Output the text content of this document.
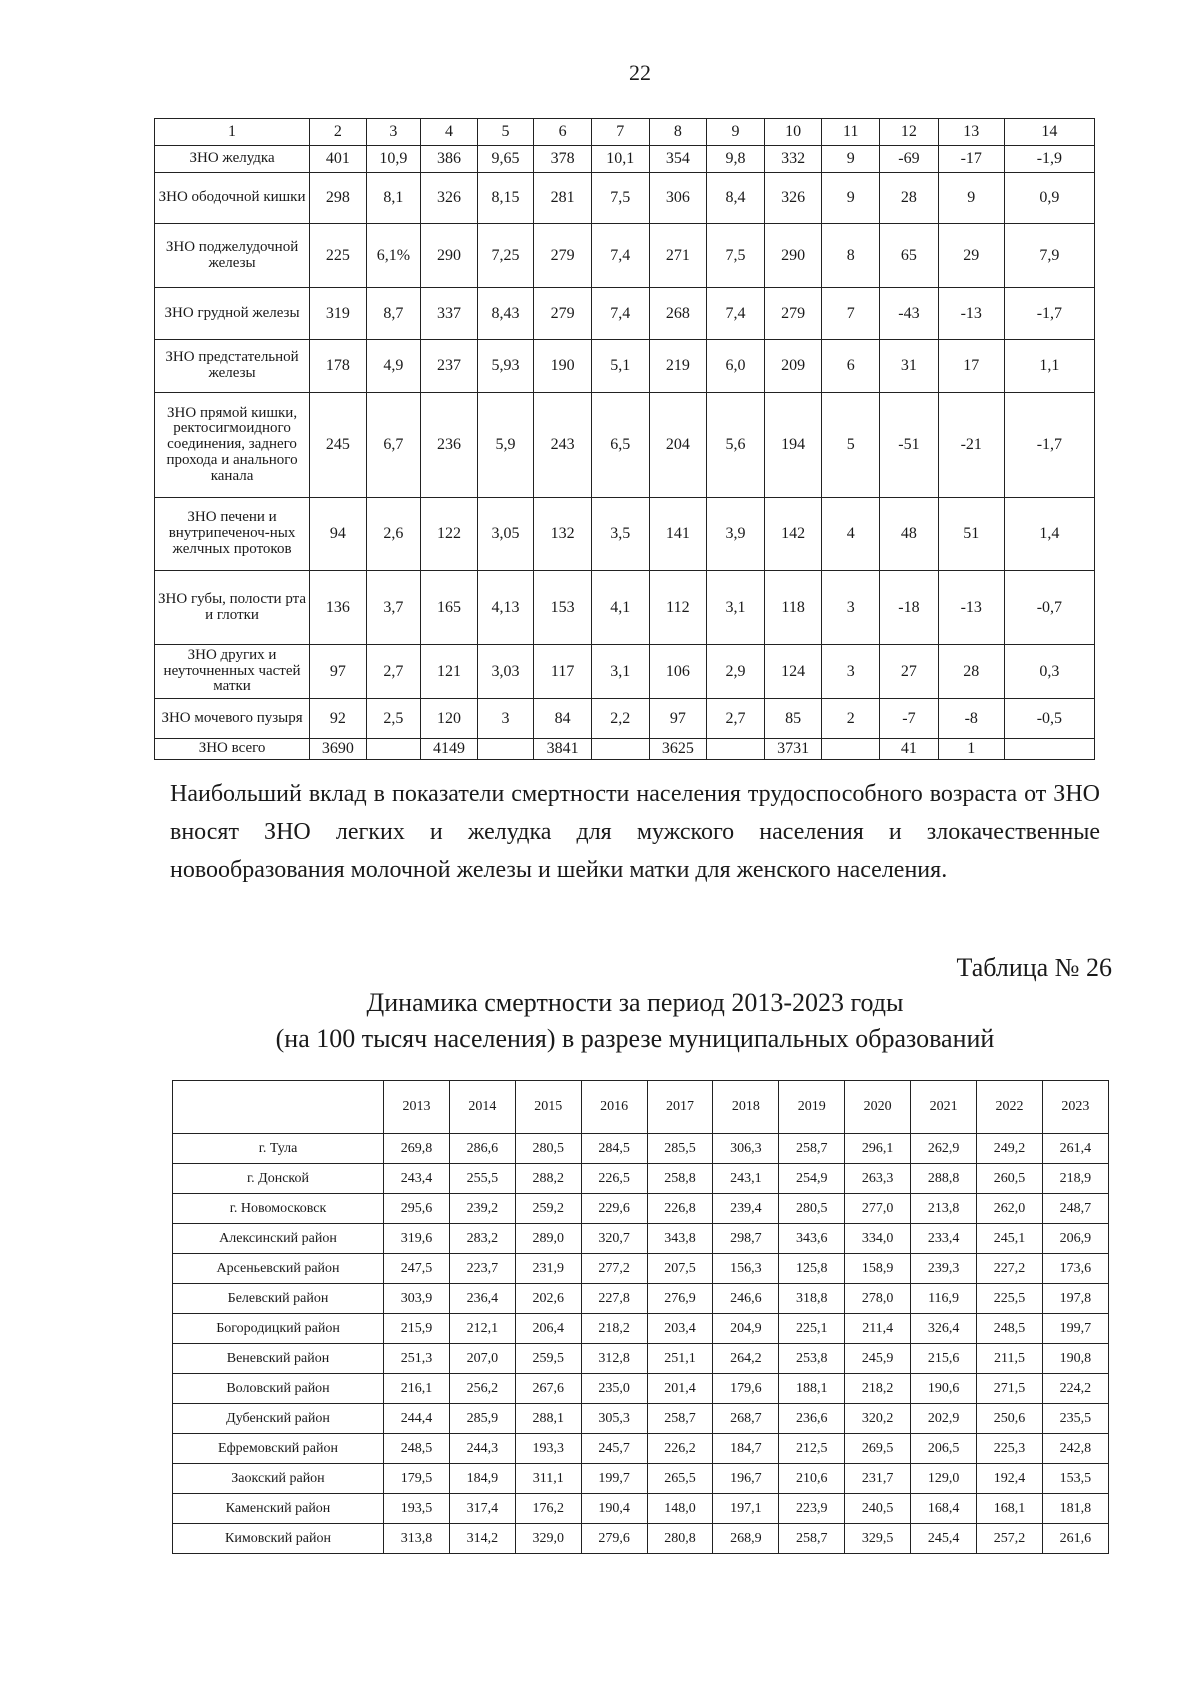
22
1	2	3	4	5	6	7	8	9	10	11	12	13	14
ЗНО желудка	401	10,9	386	9,65	378	10,1	354	9,8	332	9	-69	-17	-1,9
ЗНО ободочной кишки	298	8,1	326	8,15	281	7,5	306	8,4	326	9	28	9	0,9
ЗНО поджелудочной железы	225	6,1%	290	7,25	279	7,4	271	7,5	290	8	65	29	7,9
ЗНО грудной железы	319	8,7	337	8,43	279	7,4	268	7,4	279	7	-43	-13	-1,7
ЗНО предстательной железы	178	4,9	237	5,93	190	5,1	219	6,0	209	6	31	17	1,1
ЗНО прямой кишки, ректосигмоидного соединения, заднего прохода и анального канала	245	6,7	236	5,9	243	6,5	204	5,6	194	5	-51	-21	-1,7
ЗНО печени и внутрипеченоч-ных желчных протоков	94	2,6	122	3,05	132	3,5	141	3,9	142	4	48	51	1,4
ЗНО губы, полости рта и глотки	136	3,7	165	4,13	153	4,1	112	3,1	118	3	-18	-13	-0,7
ЗНО других и неуточненных частей матки	97	2,7	121	3,03	117	3,1	106	2,9	124	3	27	28	0,3
ЗНО мочевого пузыря	92	2,5	120	3	84	2,2	97	2,7	85	2	-7	-8	-0,5
ЗНО всего	3690		4149		3841		3625		3731		41	1	

Наибольший вклад в показатели смертности населения трудоспособного возраста от ЗНО вносят ЗНО легких и желудка для мужского населения и злокачественные новообразования молочной железы и шейки матки для женского населения.

Таблица № 26
Динамика смертности за период 2013-2023 годы
(на 100 тысяч населения) в разрезе муниципальных образований
	2013	2014	2015	2016	2017	2018	2019	2020	2021	2022	2023
г. Тула	269,8	286,6	280,5	284,5	285,5	306,3	258,7	296,1	262,9	249,2	261,4
г. Донской	243,4	255,5	288,2	226,5	258,8	243,1	254,9	263,3	288,8	260,5	218,9
г. Новомосковск	295,6	239,2	259,2	229,6	226,8	239,4	280,5	277,0	213,8	262,0	248,7
Алексинский район	319,6	283,2	289,0	320,7	343,8	298,7	343,6	334,0	233,4	245,1	206,9
Арсеньевский район	247,5	223,7	231,9	277,2	207,5	156,3	125,8	158,9	239,3	227,2	173,6
Белевский район	303,9	236,4	202,6	227,8	276,9	246,6	318,8	278,0	116,9	225,5	197,8
Богородицкий район	215,9	212,1	206,4	218,2	203,4	204,9	225,1	211,4	326,4	248,5	199,7
Веневский район	251,3	207,0	259,5	312,8	251,1	264,2	253,8	245,9	215,6	211,5	190,8
Воловский район	216,1	256,2	267,6	235,0	201,4	179,6	188,1	218,2	190,6	271,5	224,2
Дубенский район	244,4	285,9	288,1	305,3	258,7	268,7	236,6	320,2	202,9	250,6	235,5
Ефремовский район	248,5	244,3	193,3	245,7	226,2	184,7	212,5	269,5	206,5	225,3	242,8
Заокский район	179,5	184,9	311,1	199,7	265,5	196,7	210,6	231,7	129,0	192,4	153,5
Каменский район	193,5	317,4	176,2	190,4	148,0	197,1	223,9	240,5	168,4	168,1	181,8
Кимовский район	313,8	314,2	329,0	279,6	280,8	268,9	258,7	329,5	245,4	257,2	261,6
